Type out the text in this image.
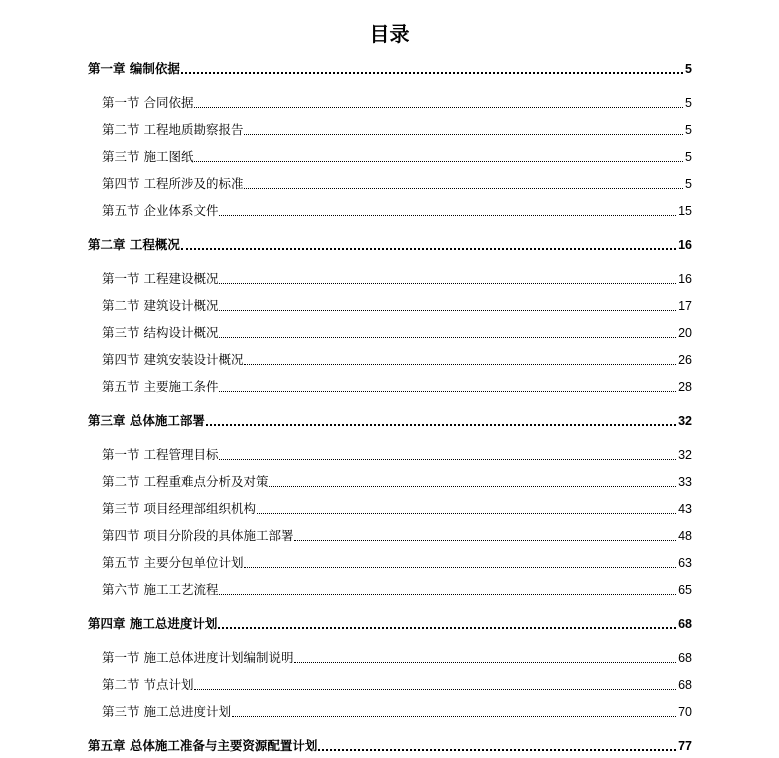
目录
第一章 编制依据	5
第一节 合同依据	5
第二节 工程地质勘察报告	5
第三节 施工图纸	5
第四节 工程所涉及的标准	5
第五节 企业体系文件	15
第二章 工程概况	16
第一节 工程建设概况	16
第二节 建筑设计概况	17
第三节 结构设计概况	20
第四节 建筑安装设计概况	26
第五节 主要施工条件	28
第三章 总体施工部署	32
第一节 工程管理目标	32
第二节 工程重难点分析及对策	33
第三节 项目经理部组织机构	43
第四节 项目分阶段的具体施工部署	48
第五节 主要分包单位计划	63
第六节 施工工艺流程	65
第四章 施工总进度计划	68
第一节 施工总体进度计划编制说明	68
第二节 节点计划	68
第三节 施工总进度计划	70
第五章 总体施工准备与主要资源配置计划	77
